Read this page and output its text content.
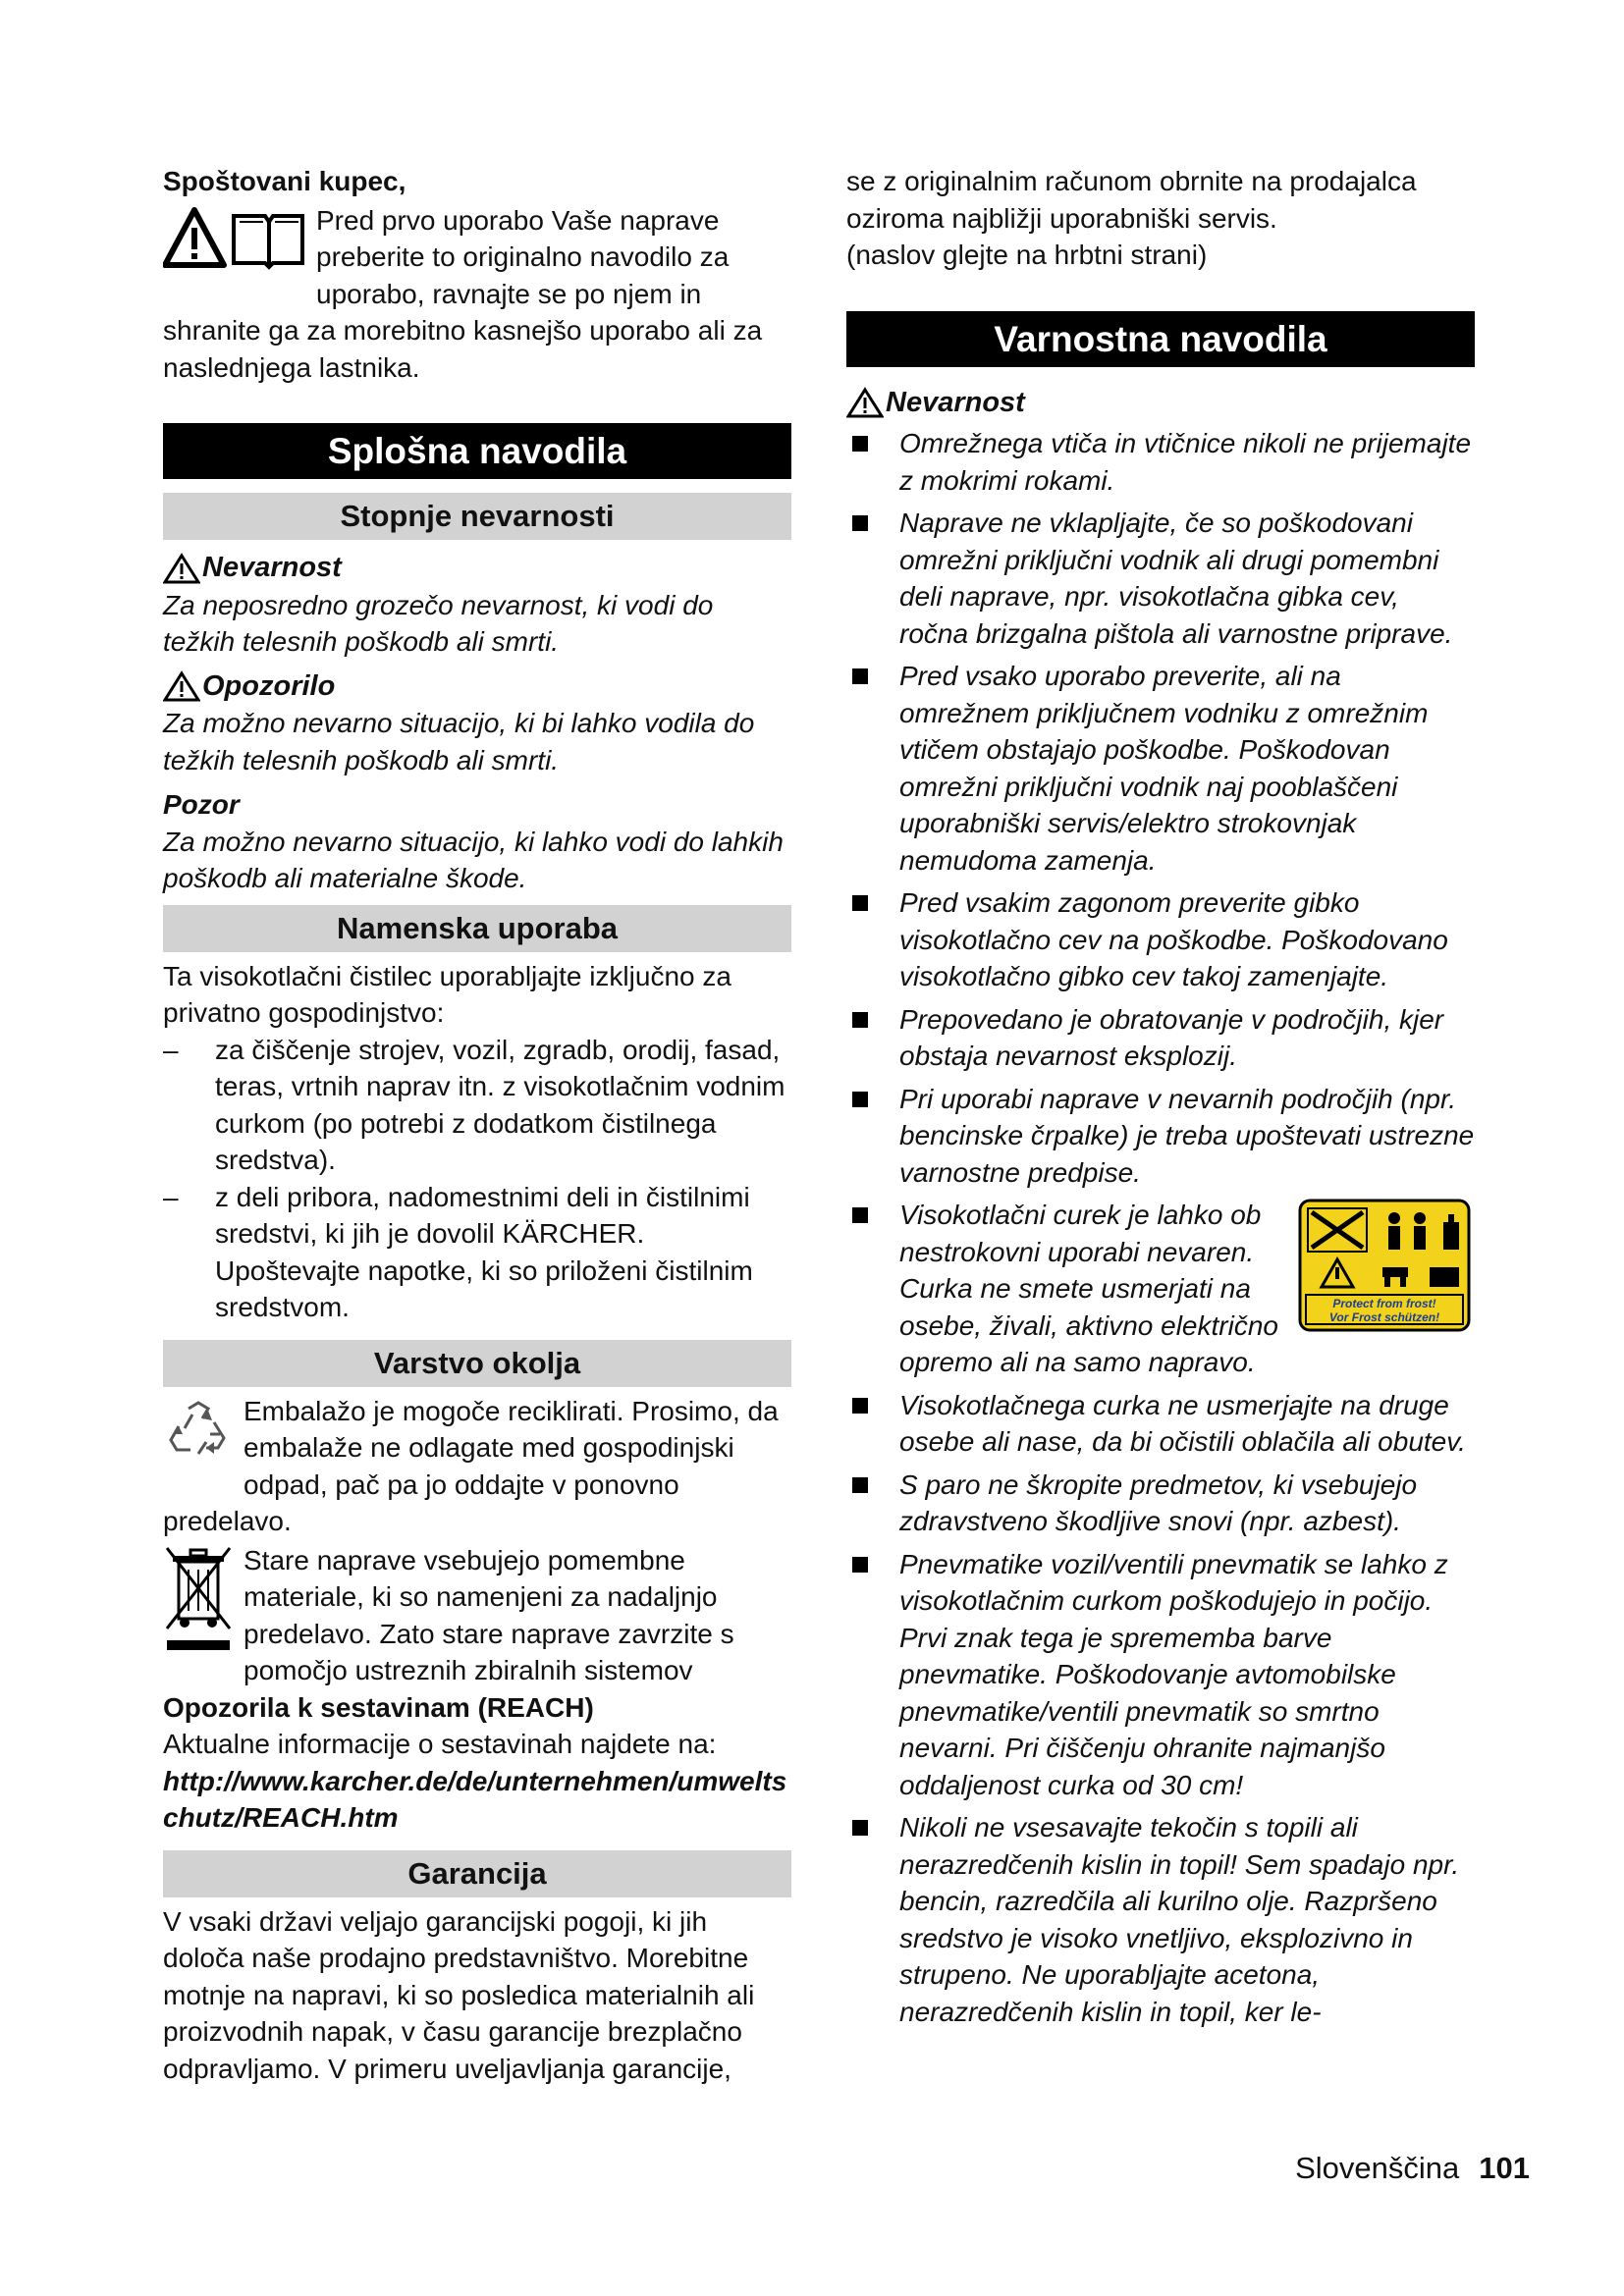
Spoštovani kupec,

Pred prvo uporabo Vaše naprave preberite to originalno navodilo za uporabo, ravnajte se po njem in shranite ga za morebitno kasnejšo uporabo ali za naslednjega lastnika.

Splošna navodila
Stopnje nevarnosti
Nevarnost

Za neposredno grozečo nevarnost, ki vodi do težkih telesnih poškodb ali smrti.

Opozorilo

Za možno nevarno situacijo, ki bi lahko vodila do težkih telesnih poškodb ali smrti.

Pozor

Za možno nevarno situacijo, ki lahko vodi do lahkih poškodb ali materialne škode.

Namenska uporaba

Ta visokotlačni čistilec uporabljajte izključno za privatno gospodinjstvo:

– za čiščenje strojev, vozil, zgradb, orodij, fasad, teras, vrtnih naprav itn. z visokotlačnim vodnim curkom (po potrebi z dodatkom čistilnega sredstva).
– z deli pribora, nadomestnimi deli in čistilnimi sredstvi, ki jih je dovolil KÄRCHER. Upoštevajte napotke, ki so priloženi čistilnim sredstvom.
Varstvo okolja

Embalažo je mogoče reciklirati. Prosimo, da embalaže ne odlagate med gospodinjski odpad, pač pa jo oddajte v ponovno predelavo.

Stare naprave vsebujejo pomembne materiale, ki so namenjeni za nadaljnjo predelavo. Zato stare naprave zavrzite s pomočjo ustreznih zbiralnih sistemov

Opozorila k sestavinam (REACH)

Aktualne informacije o sestavinah najdete na:

http://www.karcher.de/de/unternehmen/umweltschutz/REACH.htm

Garancija

V vsaki državi veljajo garancijski pogoji, ki jih določa naše prodajno predstavništvo. Morebitne motnje na napravi, ki so posledica materialnih ali proizvodnih napak, v času garancije brezplačno odpravljamo. V primeru uveljavljanja garancije,

se z originalnim računom obrnite na prodajalca oziroma najbližji uporabniški servis.

(naslov glejte na hrbtni strani)

Varnostna navodila
Nevarnost
Omrežnega vtiča in vtičnice nikoli ne prijemajte z mokrimi rokami.
Naprave ne vklapljajte, če so poškodovani omrežni priključni vodnik ali drugi pomembni deli naprave, npr. visokotlačna gibka cev, ročna brizgalna pištola ali varnostne priprave.
Pred vsako uporabo preverite, ali na omrežnem priključnem vodniku z omrežnim vtičem obstajajo poškodbe. Poškodovan omrežni priključni vodnik naj pooblaščeni uporabniški servis/elektro strokovnjak nemudoma zamenja.
Pred vsakim zagonom preverite gibko visokotlačno cev na poškodbe. Poškodovano visokotlačno gibko cev takoj zamenjajte.
Prepovedano je obratovanje v področjih, kjer obstaja nevarnost eksplozij.
Pri uporabi naprave v nevarnih področjih (npr. bencinske črpalke) je treba upoštevati ustrezne varnostne predpise.
Protect from frost!
Vor Frost schützen!
Visokotlačni curek je lahko ob nestrokovni uporabi nevaren. Curka ne smete usmerjati na osebe, živali, aktivno električno opremo ali na samo napravo.
Visokotlačnega curka ne usmerjajte na druge osebe ali nase, da bi očistili oblačila ali obutev.
S paro ne škropite predmetov, ki vsebujejo zdravstveno škodljive snovi (npr. azbest).
Pnevmatike vozil/ventili pnevmatik se lahko z visokotlačnim curkom poškodujejo in počijo. Prvi znak tega je sprememba barve pnevmatike. Poškodovanje avtomobilske pnevmatike/ventili pnevmatik so smrtno nevarni. Pri čiščenju ohranite najmanjšo oddaljenost curka od 30 cm!
Nikoli ne vsesavajte tekočin s topili ali nerazredčenih kislin in topil! Sem spadajo npr. bencin, razredčila ali kurilno olje. Razpršeno sredstvo je visoko vnetljivo, eksplozivno in strupeno. Ne uporabljajte acetona, nerazredčenih kislin in topil, ker le-
Slovenščina 101
